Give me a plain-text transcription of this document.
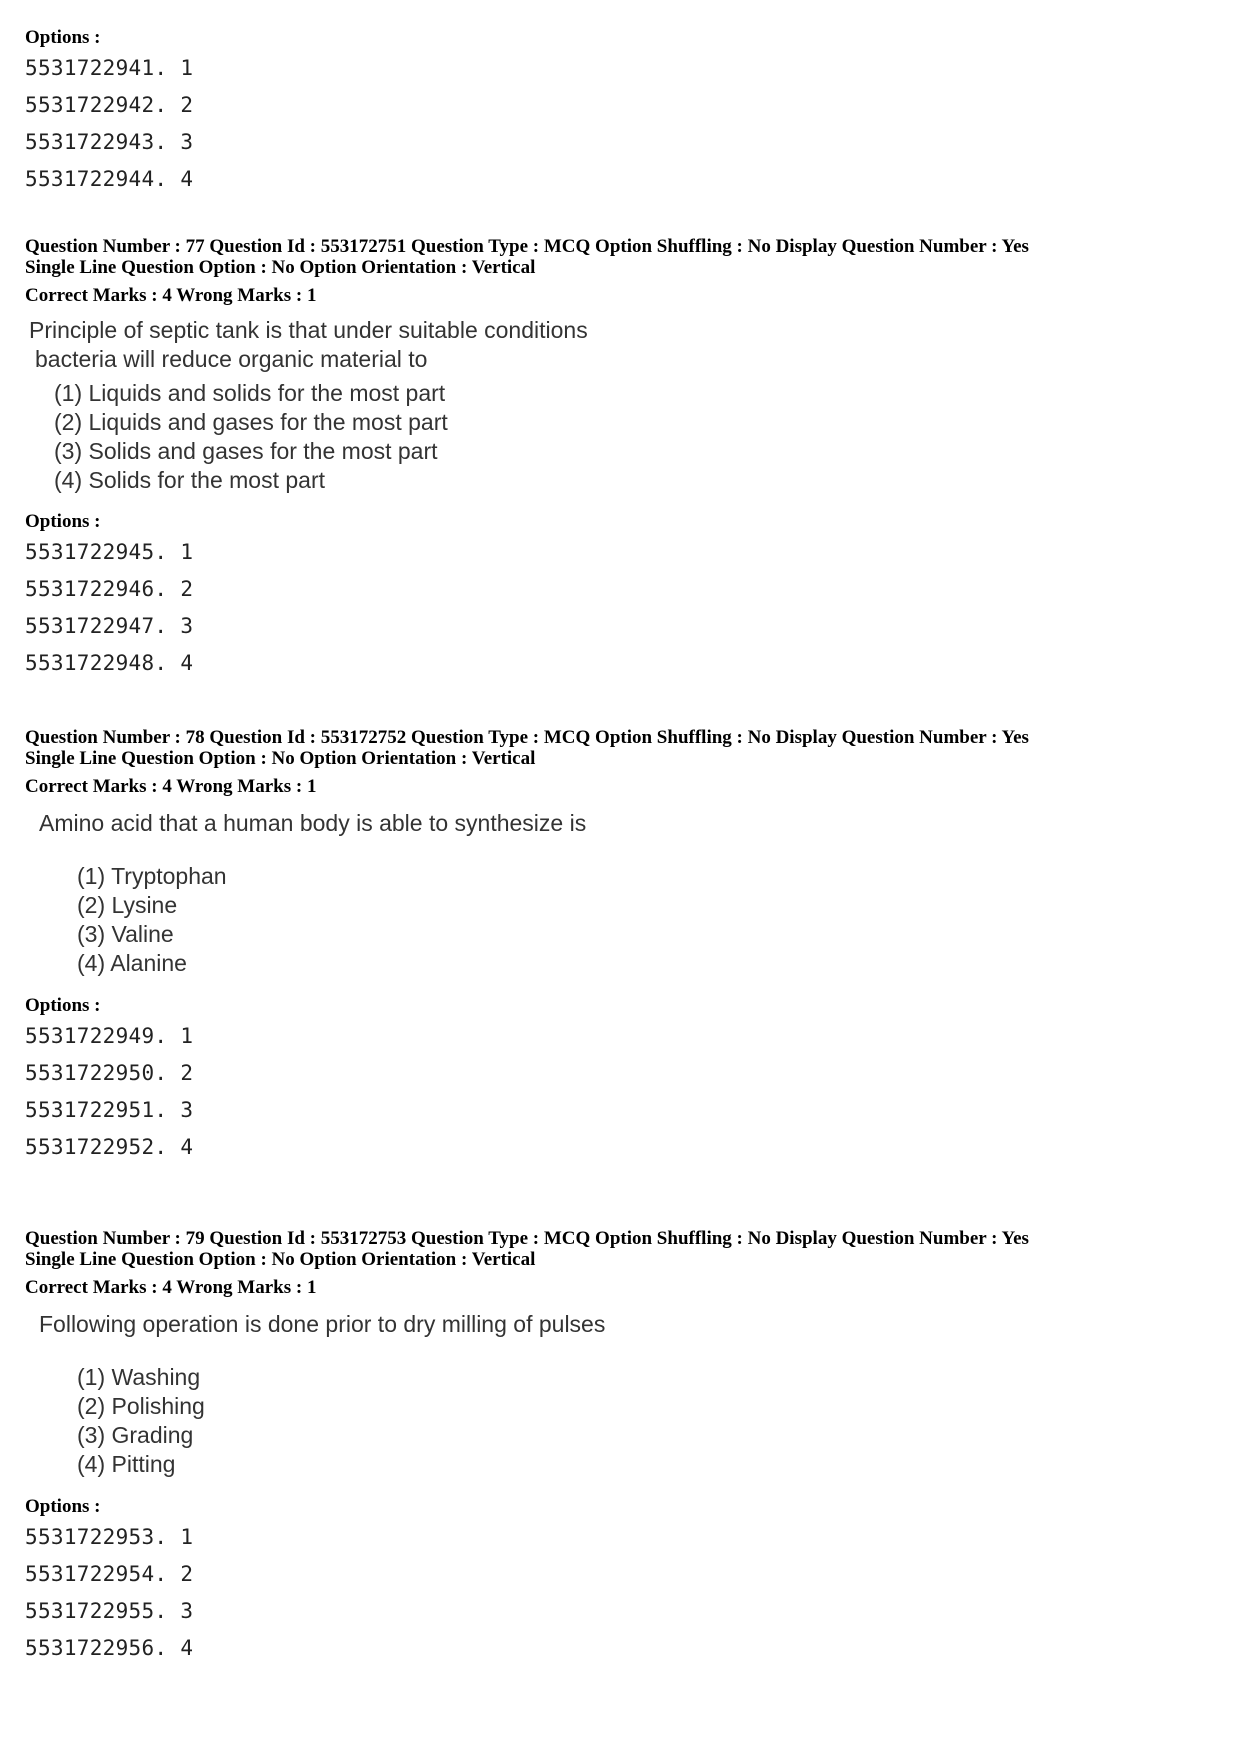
Options :
5531722941. 1
5531722942. 2
5531722943. 3
5531722944. 4
Question Number : 77 Question Id : 553172751 Question Type : MCQ Option Shuffling : No Display Question Number : Yes
Single Line Question Option : No Option Orientation : Vertical
Correct Marks : 4 Wrong Marks : 1
Principle of septic tank is that under suitable conditions
bacteria will reduce organic material to
(1) Liquids and solids for the most part
(2) Liquids and gases for the most part
(3) Solids and gases for the most part
(4) Solids for the most part
Options :
5531722945. 1
5531722946. 2
5531722947. 3
5531722948. 4
Question Number : 78 Question Id : 553172752 Question Type : MCQ Option Shuffling : No Display Question Number : Yes
Single Line Question Option : No Option Orientation : Vertical
Correct Marks : 4 Wrong Marks : 1
Amino acid that a human body is able to synthesize is
(1) Tryptophan
(2) Lysine
(3) Valine
(4) Alanine
Options :
5531722949. 1
5531722950. 2
5531722951. 3
5531722952. 4
Question Number : 79 Question Id : 553172753 Question Type : MCQ Option Shuffling : No Display Question Number : Yes
Single Line Question Option : No Option Orientation : Vertical
Correct Marks : 4 Wrong Marks : 1
Following operation is done prior to dry milling of pulses
(1) Washing
(2) Polishing
(3) Grading
(4) Pitting
Options :
5531722953. 1
5531722954. 2
5531722955. 3
5531722956. 4
